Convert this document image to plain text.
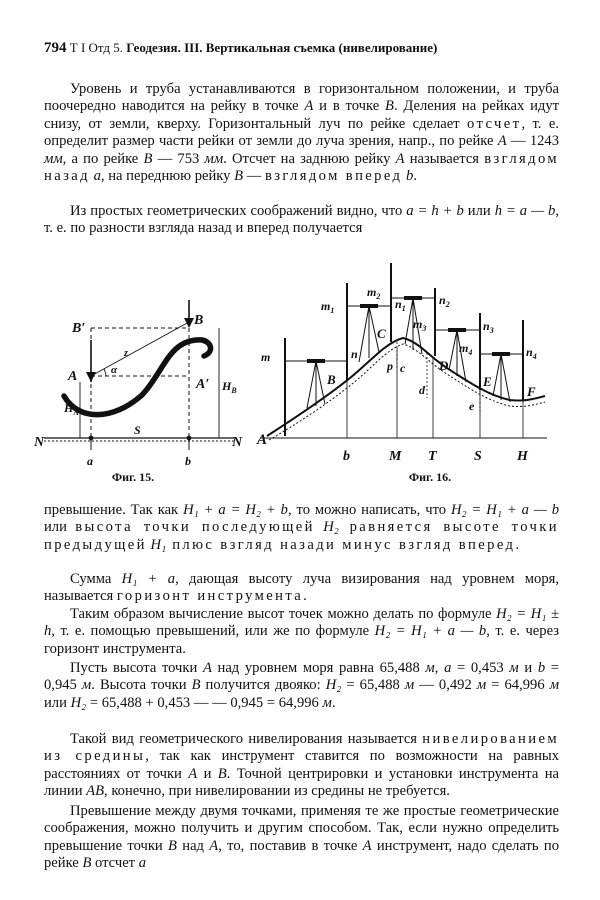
794 Т I Отд 5. Геодезия. III. Вертикальная съемка (нивелирование)

Уровень и труба устанавливаются в горизонтальном положении, и труба поочередно наводится на рейку в точке A и в точке B. Деления на рейках идут снизу, от земли, кверху. Горизонтальный луч по рейке сделает отсчет, т. е. определит размер части рейки от земли до луча зрения, напр., по рейке A — 1243 мм, а по рейке B — 753 мм. Отсчет на заднюю рейку A называется взглядом назад a, на переднюю рейку B — взглядом вперед b.

Из простых геометрических соображений видно, что a = h + b или h = a — b, т. е. по разности взгляда назад и вперед получается

B′
B
A
A′
N	N
S
a	b
z
α
$H_A$
$H_B$
Фиг. 15.
A
B
C
D
E
F
m
$m_1$
$m_2$
$m_3$
$m_4$
n
$n_1$
$n_2$
$n_3$
$n_4$
p c
d
e
b	M T	S	H
Фиг. 16.

превышение. Так как H₁ + a = H₂ + b, то можно написать, что H₂ = H₁ + a — b или высота точки последующей H₂ равняется высоте точки предыдущей H₁ плюс взгляд назади минус взгляд вперед.

Сумма H₁ + a, дающая высоту луча визирования над уровнем моря, называется горизонт инструмента.

Таким образом вычисление высот точек можно делать по формуле H₂ = H₁ ± h, т. е. помощью превышений, или же по формуле H₂ = H₁ + a — b, т. е. через горизонт инструмента.

Пусть высота точки A над уровнем моря равна 65,488 м, a = 0,453 м и b = 0,945 м. Высота точки B получится двояко: H₂ = 65,488 м — 0,492 м = 64,996 м или H₂ = 65,488 + 0,453 — — 0,945 = 64,996 м.

Такой вид геометрического нивелирования называется нивелированием из средины, так как инструмент ставится по возможности на равных расстояниях от точки A и B. Точной центрировки и установки инструмента на линии AB, конечно, при нивелировании из средины не требуется.

Превышение между двумя точками, применяя те же простые геометрические соображения, можно получить и другим способом. Так, если нужно определить превышение точки B над A, то, поставив в точке A инструмент, надо сделать по рейке B отсчет a
